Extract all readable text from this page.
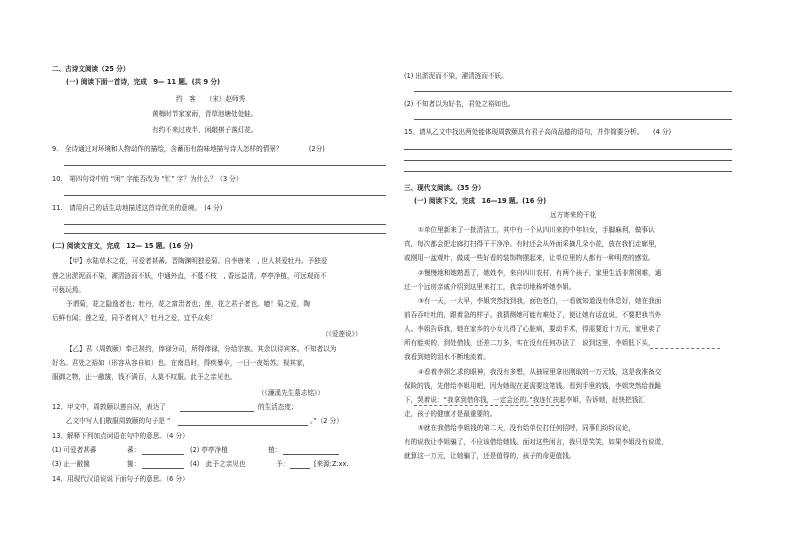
二、古诗文阅读（25 分）
(一) 阅读下面一首诗，完成　9— 11 题。(共 9 分)
约　客　　（宋）赵师秀
黄梅时节家家雨，青草池塘处处蛙。
有约不来过夜半，闲敲棋子落灯花。
9.　全诗通过对环境和人物动作的描绘，含蓄而有韵味地描写诗人怎样的情景？　　　　(2分)
10.　第四句诗中的 “闲” 字能否改为 “忙” 字？为什么？（3 分）
11.　请用自己的话生动地描述这首诗优美的意境。　(4 分)
(二) 阅读文言文，完成　12— 15 题。(16 分)
【甲】水陆草木之花，可爱者甚蕃。晋陶渊明独爱菊。自李唐来　, 世人甚爱牡丹。予独爱
莲之出淤泥而不染，濯清涟而不妖，中通外直，不蔓不枝　, 香远益清，亭亭净植，可远观而不
可亵玩焉。
予谓菊，花之隐逸者也；牡丹，花之富贵者也；莲，花之君子者也。噫！菊之爱，陶
后鲜有闻；莲之爱，同予者何人？牡丹之爱，宜乎众矣！
（《爱莲说》）
【乙】君（周敦颐）奉己甚约，俸禄分司，所得俸禄，分给宗族。其余以待宾客。不知者以为
好名。君处之裕如（形容从容自如）也。在南昌时，得疾暴卒，一日一夜始苏。视其家，
服御之物，止一敝箧，钱不满百，人莫不叹服。此予之亲见也。
（《濂溪先生墓志铭》）
12、甲文中，周敦颐以莲自况，表达了	的生活态度；
乙文中写人们敬服周敦颐的句子是 “	。”（2 分）
13、解释下列加点词语在句中的意思。（4 分）
(1) 可爱者甚蕃	蕃：	(2) 亭亭净植	植：
(3) 止一敝箧	箧：	(4)　此予之亲见也	予：	[来源:Z.xx.
14、用现代汉语说说下面句子的意思。（6 分）
(1) 出淤泥而不染，濯清涟而不妖。
(2) 不知者以为好名，君处之裕如也。
15、请从乙文中找出两处能体现周敦颐具有君子高尚品德的语句，并作简要分析。　　(4 分)
三、现代文阅读。（35 分）
(一) 阅读下文，完成　16—19 题。(16 分)
远方寄来的干花
①单位里新来了一批清洁工，其中有一个从四川来的中年妇女，手脚麻利，做事认
真，每次都会把走廊打扫得干干净净。有时还会从外面采摘几朵小花，放在我们走廊里，
或刚用一盆观叶，做成一些好看的装饰物摆起来，让单位里的人都有一种明亮的感觉。
②慢慢地和她熟悉了，她姓李，来自四川农村，有两个孩子，家里生活非常困难，通
过一个远房亲戚介绍到这里来打工，我亲切地称呼她李姐。
③有一天，一大早，李姐突然找到我，面色苍白，一看就知道没有休息好，她在我面
前吞吞吐吐的，跟着急的样子。我猜测她可能有难处了，便让她有话直说，不要把我当外
人。李姐告诉我，她在家乡的小女儿得了心脏病，要动手术，得需要近十万元，家里卖了
所有能卖的，到处借钱，还差二万多，实在没有任何办法了　说到这里，李姐低下头，
我看到她的泪水不断地流着。
④看着李姐乞求的眼神，我没有多想，从抽屉里拿出刚取的一万元钱，这是我准备交
保险的钱，先借给李姐用吧，因为她现在更需要这笔钱。看到手里的钱，李姐突然给我跪
下，哭着说：“我拿到借你钱，一定会还的。”我连忙扶起李姐，告诉她，赶快把钱汇
走，孩子的健康才是最重要的。
⑤就在我借给李姐钱的第二天，没有给单位打任何招呼，同事们纷纷议论，
有的说我让李姐骗了，不应该借给她钱。面对这些闲言，我只是笑笑，如果李姐没有说谎，
就算这一万元，让她骗了，还是值得的，孩子的命更值钱。
